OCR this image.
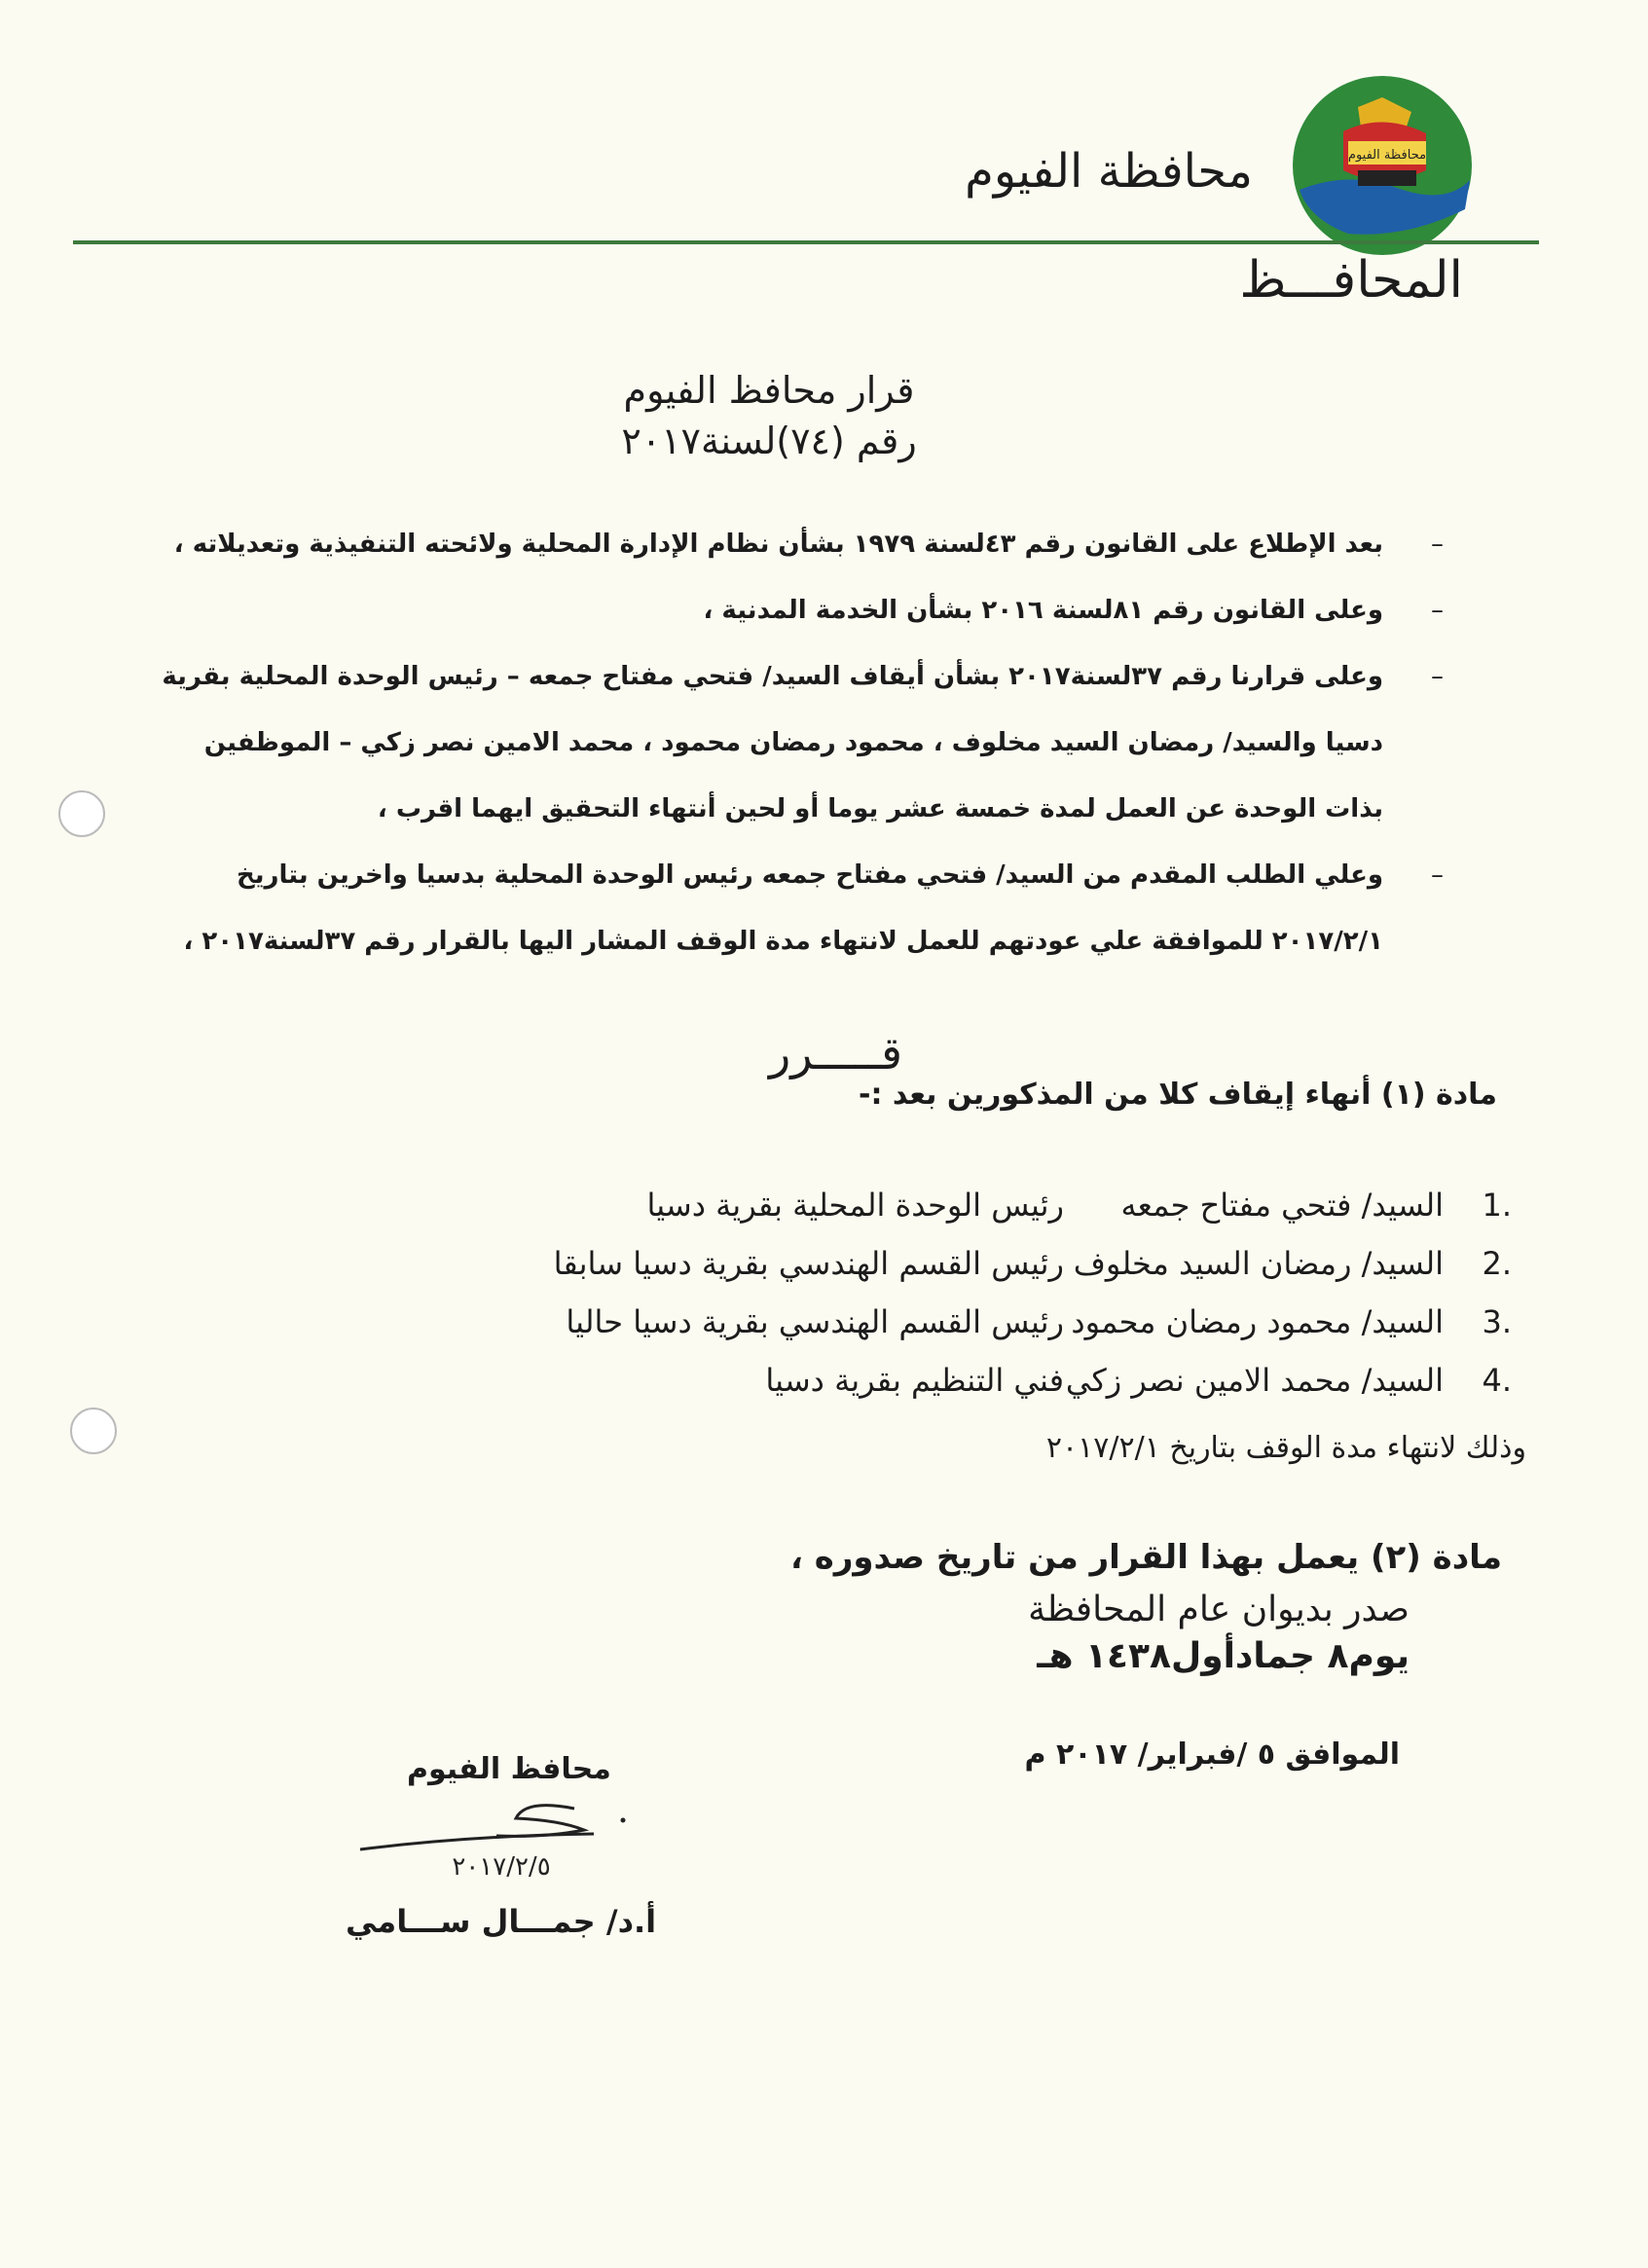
محافظة الفيوم
محافظة الفيوم
المحافـــظ
قرار محافظ الفيوم
رقم (٧٤)لسنة٢٠١٧
–
بعد الإطلاع على القانون رقم ٤٣لسنة ١٩٧٩ بشأن نظام الإدارة المحلية ولائحته التنفيذية وتعديلاته ،
–
وعلى القانون رقم ٨١لسنة ٢٠١٦ بشأن الخدمة المدنية ،
–
وعلى قرارنا رقم ٣٧لسنة٢٠١٧ بشأن أيقاف السيد/ فتحي مفتاح جمعه – رئيس الوحدة المحلية بقرية دسيا والسيد/ رمضان السيد مخلوف ، محمود رمضان محمود ، محمد الامين نصر زكي – الموظفين بذات الوحدة عن العمل لمدة خمسة عشر يوما أو لحين أنتهاء التحقيق ايهما اقرب ،
–
وعلي الطلب المقدم من السيد/ فتحي مفتاح جمعه رئيس الوحدة المحلية بدسيا واخرين بتاريخ ٢٠١٧/٢/١ للموافقة علي عودتهم للعمل لانتهاء مدة الوقف المشار اليها بالقرار رقم ٣٧لسنة٢٠١٧ ،
قـــــرر
مادة (١) أنهاء إيقاف كلا من المذكورين بعد :-
1.
السيد/ فتحي مفتاح جمعه
رئيس الوحدة المحلية بقرية دسيا
2.
السيد/ رمضان السيد مخلوف
رئيس القسم الهندسي بقرية دسيا سابقا
3.
السيد/ محمود رمضان محمود
رئيس القسم الهندسي بقرية دسيا حاليا
4.
السيد/ محمد الامين نصر زكي
فني التنظيم بقرية دسيا
وذلك لانتهاء مدة الوقف بتاريخ ٢٠١٧/٢/١
مادة (٢) يعمل بهذا القرار من تاريخ صدوره ،
صدر بديوان عام المحافظة
يوم٨ جمادأول١٤٣٨ هـ
الموافق ٥ /فبراير/ ٢٠١٧ م
محافظ الفيوم
٢٠١٧/٢/٥
أ.د/ جمـــال ســـامي
